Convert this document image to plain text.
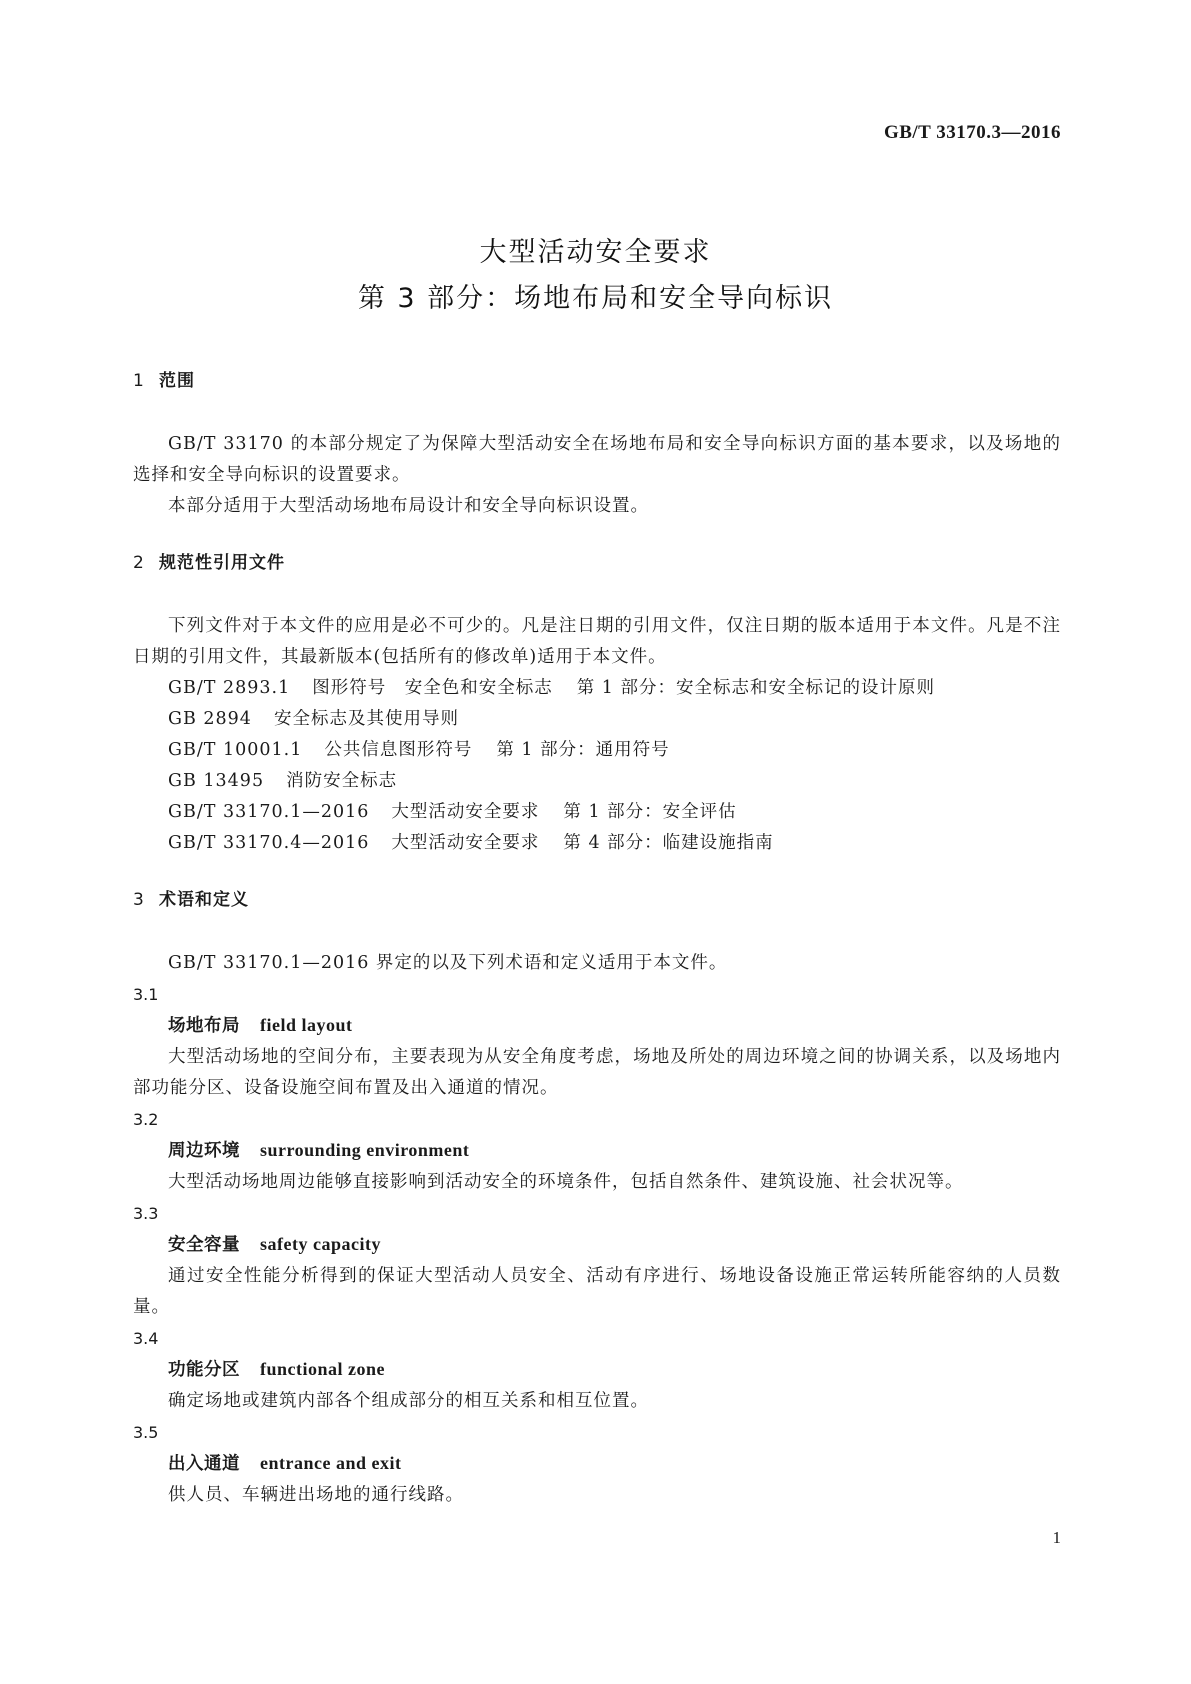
GB/T 33170.3—2016
大型活动安全要求
第 3 部分：场地布局和安全导向标识

1 范围

GB/T 33170 的本部分规定了为保障大型活动安全在场地布局和安全导向标识方面的基本要求，以及场地的选择和安全导向标识的设置要求。

本部分适用于大型活动场地布局设计和安全导向标识设置。

2 规范性引用文件

下列文件对于本文件的应用是必不可少的。凡是注日期的引用文件，仅注日期的版本适用于本文件。凡是不注日期的引用文件，其最新版本(包括所有的修改单)适用于本文件。

GB/T 2893.1 图形符号　安全色和安全标志 第 1 部分：安全标志和安全标记的设计原则

GB 2894 安全标志及其使用导则

GB/T 10001.1 公共信息图形符号 第 1 部分：通用符号

GB 13495 消防安全标志

GB/T 33170.1—2016 大型活动安全要求 第 1 部分：安全评估

GB/T 33170.4—2016 大型活动安全要求 第 4 部分：临建设施指南

3 术语和定义

GB/T 33170.1—2016 界定的以及下列术语和定义适用于本文件。

3.1

场地布局 field layout

大型活动场地的空间分布，主要表现为从安全角度考虑，场地及所处的周边环境之间的协调关系，以及场地内部功能分区、设备设施空间布置及出入通道的情况。

3.2

周边环境 surrounding environment

大型活动场地周边能够直接影响到活动安全的环境条件，包括自然条件、建筑设施、社会状况等。

3.3

安全容量 safety capacity

通过安全性能分析得到的保证大型活动人员安全、活动有序进行、场地设备设施正常运转所能容纳的人员数量。

3.4

功能分区 functional zone

确定场地或建筑内部各个组成部分的相互关系和相互位置。

3.5

出入通道 entrance and exit

供人员、车辆进出场地的通行线路。

1
